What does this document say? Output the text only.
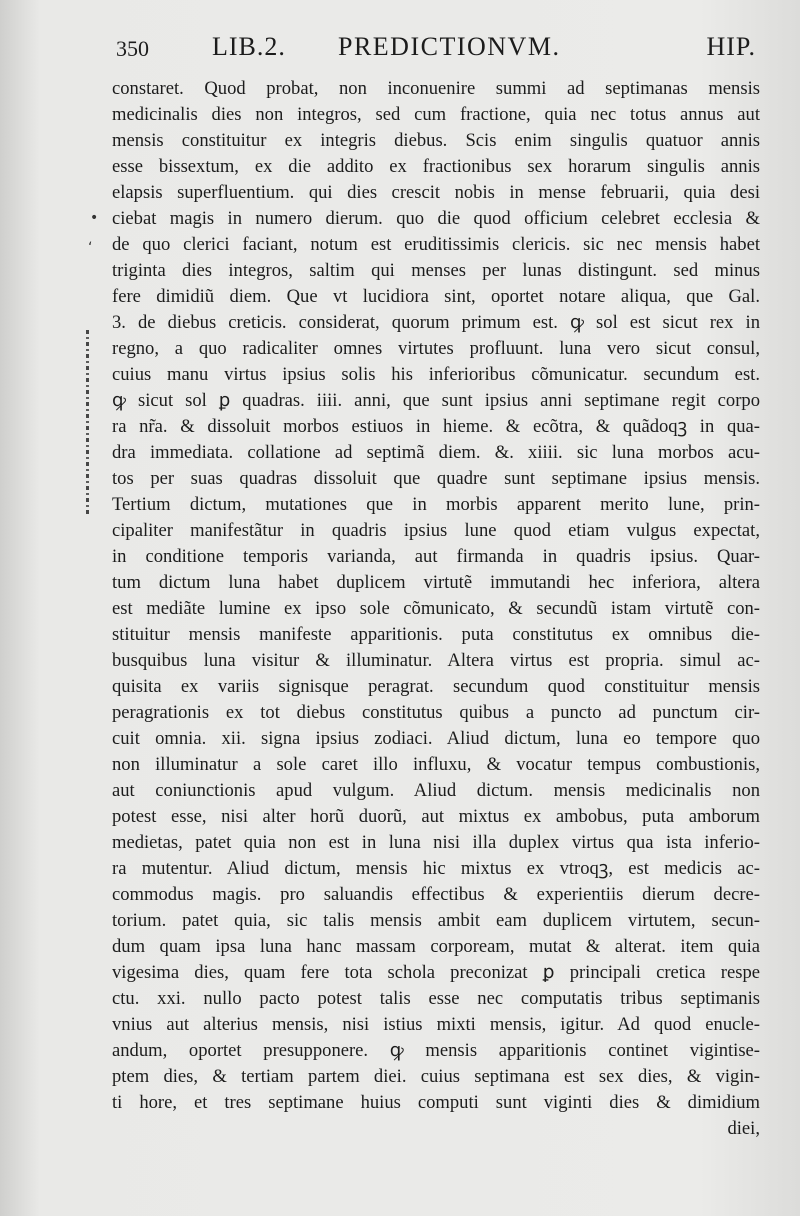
350 LIB.2. PREDICTIONVM.	HIP.
•
‘
constaret. Quod probat, non inconuenire summi ad septimanas mensis
medicinalis dies non integros, sed cum fractione, quia nec totus annus aut
mensis constituitur ex integris diebus. Scis enim singulis quatuor annis
esse bissextum, ex die addito ex fractionibus sex horarum singulis annis
elapsis superfluentium. qui dies crescit nobis in mense februarii, quia desi
ciebat magis in numero dierum. quo die quod officium celebret ecclesia &
de quo clerici faciant, notum est eruditissimis clericis. sic nec mensis habet
triginta dies integros, saltim qui menses per lunas distingunt. sed minus
fere dimidiũ diem. Que vt lucidiora sint, oportet notare aliqua, que Gal.
3. de diebus creticis. considerat, quorum primum est. ꝙ sol est sicut rex in
regno, a quo radicaliter omnes virtutes profluunt. luna vero sicut consul,
cuius manu virtus ipsius solis his inferioribus cõmunicatur. secundum est.
ꝙ sicut sol ꝑ quadras. iiii. anni, que sunt ipsius anni septimane regit corpo
ra nr̃a. & dissoluit morbos estiuos in hieme. & ecõtra, & quãdoqꝫ in qua-
dra immediata. collatione ad septimã diem. &. xiiii. sic luna morbos acu-
tos per suas quadras dissoluit que quadre sunt septimane ipsius mensis.
Tertium dictum, mutationes que in morbis apparent merito lune, prin-
cipaliter manifestãtur in quadris ipsius lune quod etiam vulgus expectat,
in conditione temporis varianda, aut firmanda in quadris ipsius. Quar-
tum dictum luna habet duplicem virtutẽ immutandi hec inferiora, altera
est mediãte lumine ex ipso sole cõmunicato, & secundũ istam virtutẽ con-
stituitur mensis manifeste apparitionis. puta constitutus ex omnibus die-
busquibus luna visitur & illuminatur. Altera virtus est propria. simul ac-
quisita ex variis signisque peragrat. secundum quod constituitur mensis
peragrationis ex tot diebus constitutus quibus a puncto ad punctum cir-
cuit omnia. xii. signa ipsius zodiaci. Aliud dictum, luna eo tempore quo
non illuminatur a sole caret illo influxu, & vocatur tempus combustionis,
aut coniunctionis apud vulgum. Aliud dictum. mensis medicinalis non
potest esse, nisi alter horũ duorũ, aut mixtus ex ambobus, puta amborum
medietas, patet quia non est in luna nisi illa duplex virtus qua ista inferio-
ra mutentur. Aliud dictum, mensis hic mixtus ex vtroqꝫ, est medicis ac-
commodus magis. pro saluandis effectibus & experientiis dierum decre-
torium. patet quia, sic talis mensis ambit eam duplicem virtutem, secun-
dum quam ipsa luna hanc massam corpoream, mutat & alterat. item quia
vigesima dies, quam fere tota schola preconizat ꝑ principali cretica respe
ctu. xxi. nullo pacto potest talis esse nec computatis tribus septimanis
vnius aut alterius mensis, nisi istius mixti mensis, igitur. Ad quod enucle-
andum, oportet presupponere. ꝙ mensis apparitionis continet vigintise-
ptem dies, & tertiam partem diei. cuius septimana est sex dies, & vigin-
ti hore, et tres septimane huius computi sunt viginti dies & dimidium
diei,
